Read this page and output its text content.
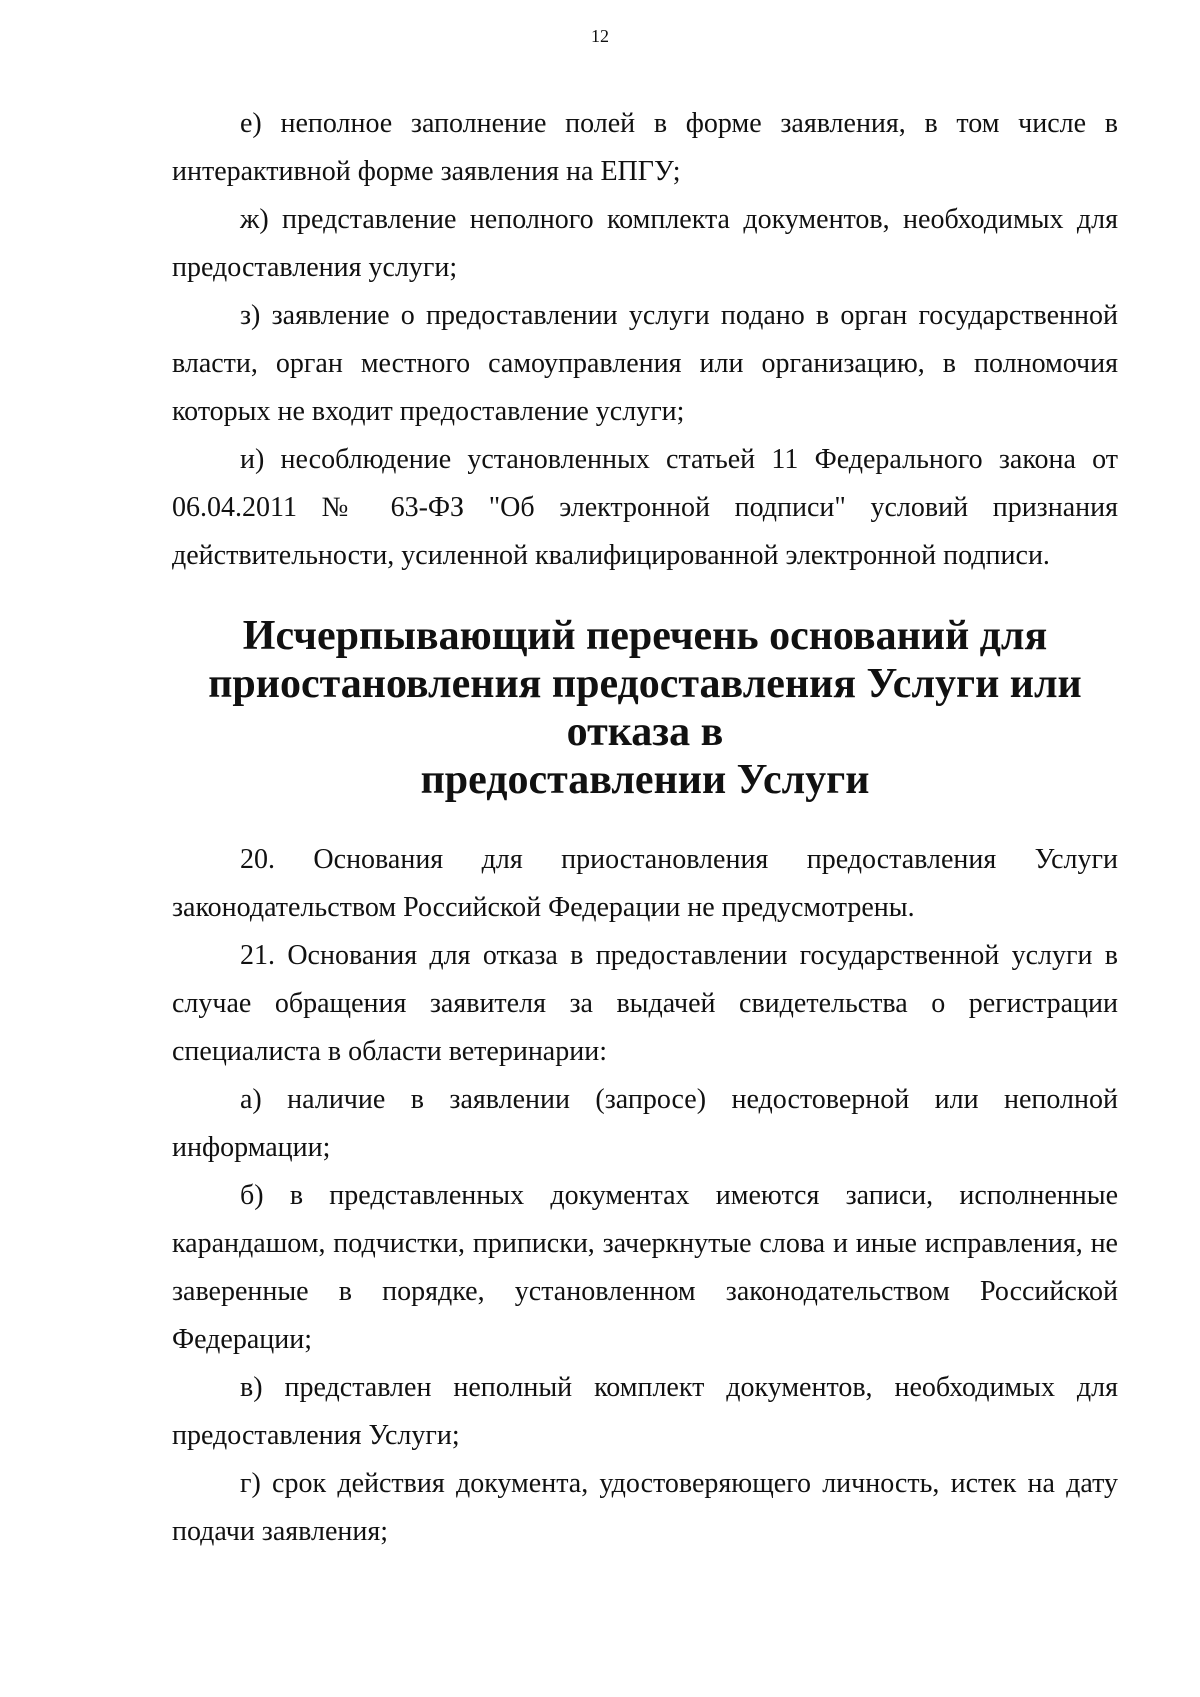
12

е) неполное заполнение полей в форме заявления, в том числе в интерактивной форме заявления на ЕПГУ;

ж) представление неполного комплекта документов, необходимых для предоставления услуги;

з) заявление о предоставлении услуги подано в орган государственной власти, орган местного самоуправления или организацию, в полномочия которых не входит предоставление услуги;

и) несоблюдение установленных статьей 11 Федерального закона от 06.04.2011 № 63-ФЗ "Об электронной подписи" условий признания действительности, усиленной квалифицированной электронной подписи.

Исчерпывающий перечень оснований для
приостановления предоставления Услуги или отказа в
предоставлении Услуги

20. Основания для приостановления предоставления Услуги законодательством Российской Федерации не предусмотрены.

21. Основания для отказа в предоставлении государственной услуги в случае обращения заявителя за выдачей свидетельства о регистрации специалиста в области ветеринарии:

а) наличие в заявлении (запросе) недостоверной или неполной информации;

б) в представленных документах имеются записи, исполненные карандашом, подчистки, приписки, зачеркнутые слова и иные исправления, не заверенные в порядке, установленном законодательством Российской Федерации;

в) представлен неполный комплект документов, необходимых для предоставления Услуги;

г) срок действия документа, удостоверяющего личность, истек на дату подачи заявления;
